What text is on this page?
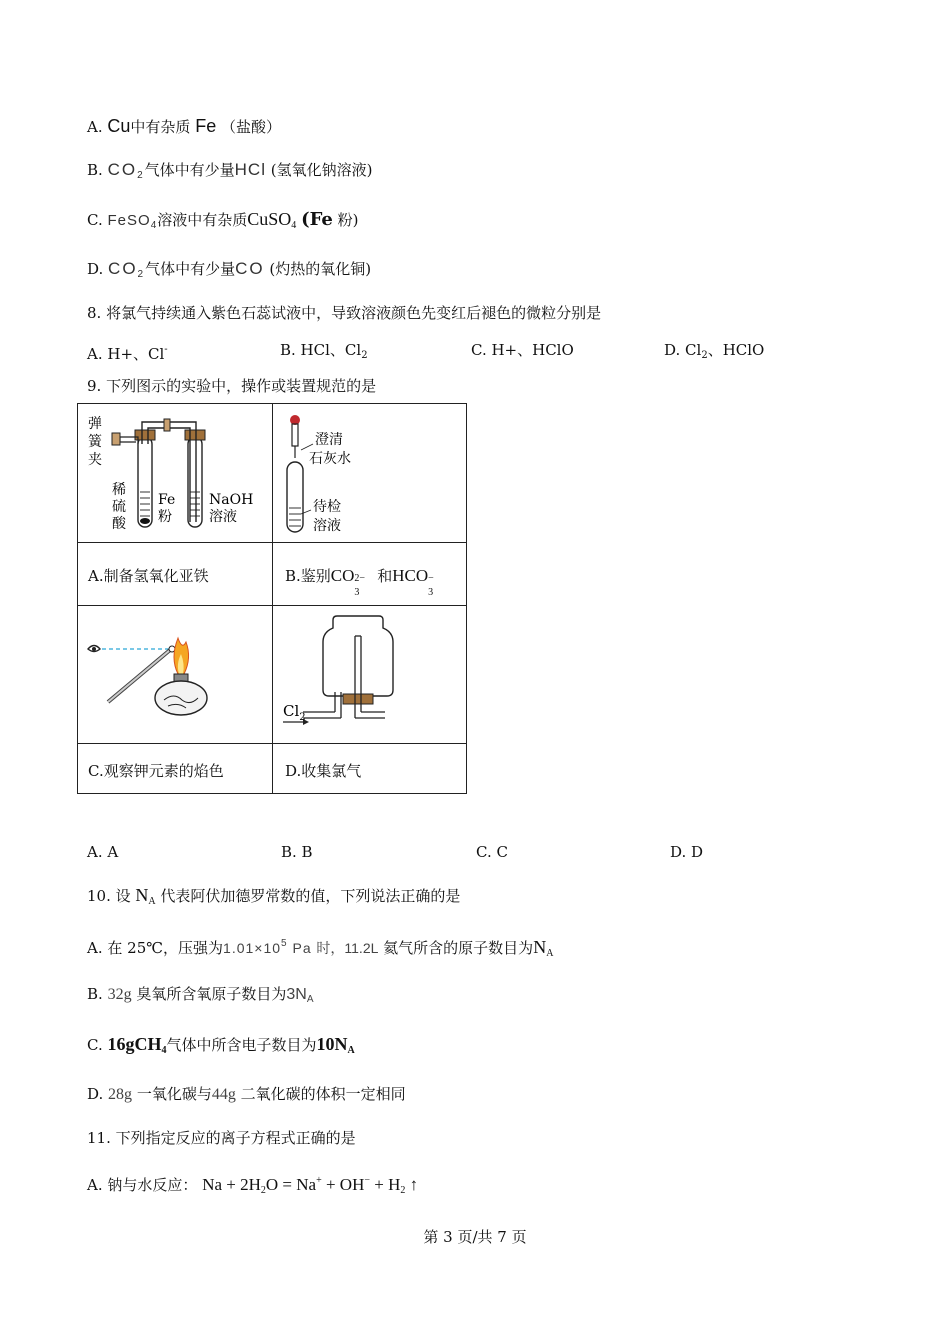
A. Cu中有杂质 Fe （盐酸）
B. $CO_2$气体中有少量HCl (氢氧化钠溶液)
C. FeSO$_4$溶液中有杂质CuSO$_4$ (Fe 粉)
D. $CO_2$气体中有少量CO (灼热的氧化铜)
8. 将氯气持续通入紫色石蕊试液中，导致溶液颜色先变红后褪色的微粒分别是
A. H+、Cl-	B. HCl、$Cl_2$	C. H+、HClO	D. $Cl_2$、HClO
9. 下列图示的实验中，操作或装置规范的是
弹
簧
夹
稀
硫
酸
Fe
粉
NaOH
溶液
澄清
石灰水
待检
溶液
A.制备氢氧化亚铁	B.鉴别CO 2−
3
和HCO −
3
$Cl_2$
C.观察钾元素的焰色	D.收集氯气
A. A	B. B	C. C	D. D
10. 设 $N_A$ 代表阿伏加德罗常数的值，下列说法正确的是
A. 在 25℃，压强为$1.01\times 10^5$ Pa 时，11.2L 氦气所含的原子数目为$N_A$
B. 32g 臭氧所含氧原子数目为$3N_A$
C. 16gCH$_4$气体中所含电子数目为$10N_A$
D. 28g 一氧化碳与44g 二氧化碳的体积一定相同
11. 下列指定反应的离子方程式正确的是
A. 钠与水反应： $Na + 2H_2O = Na^+ + OH^- + H_2$ ↑
第 3 页/共 7 页
